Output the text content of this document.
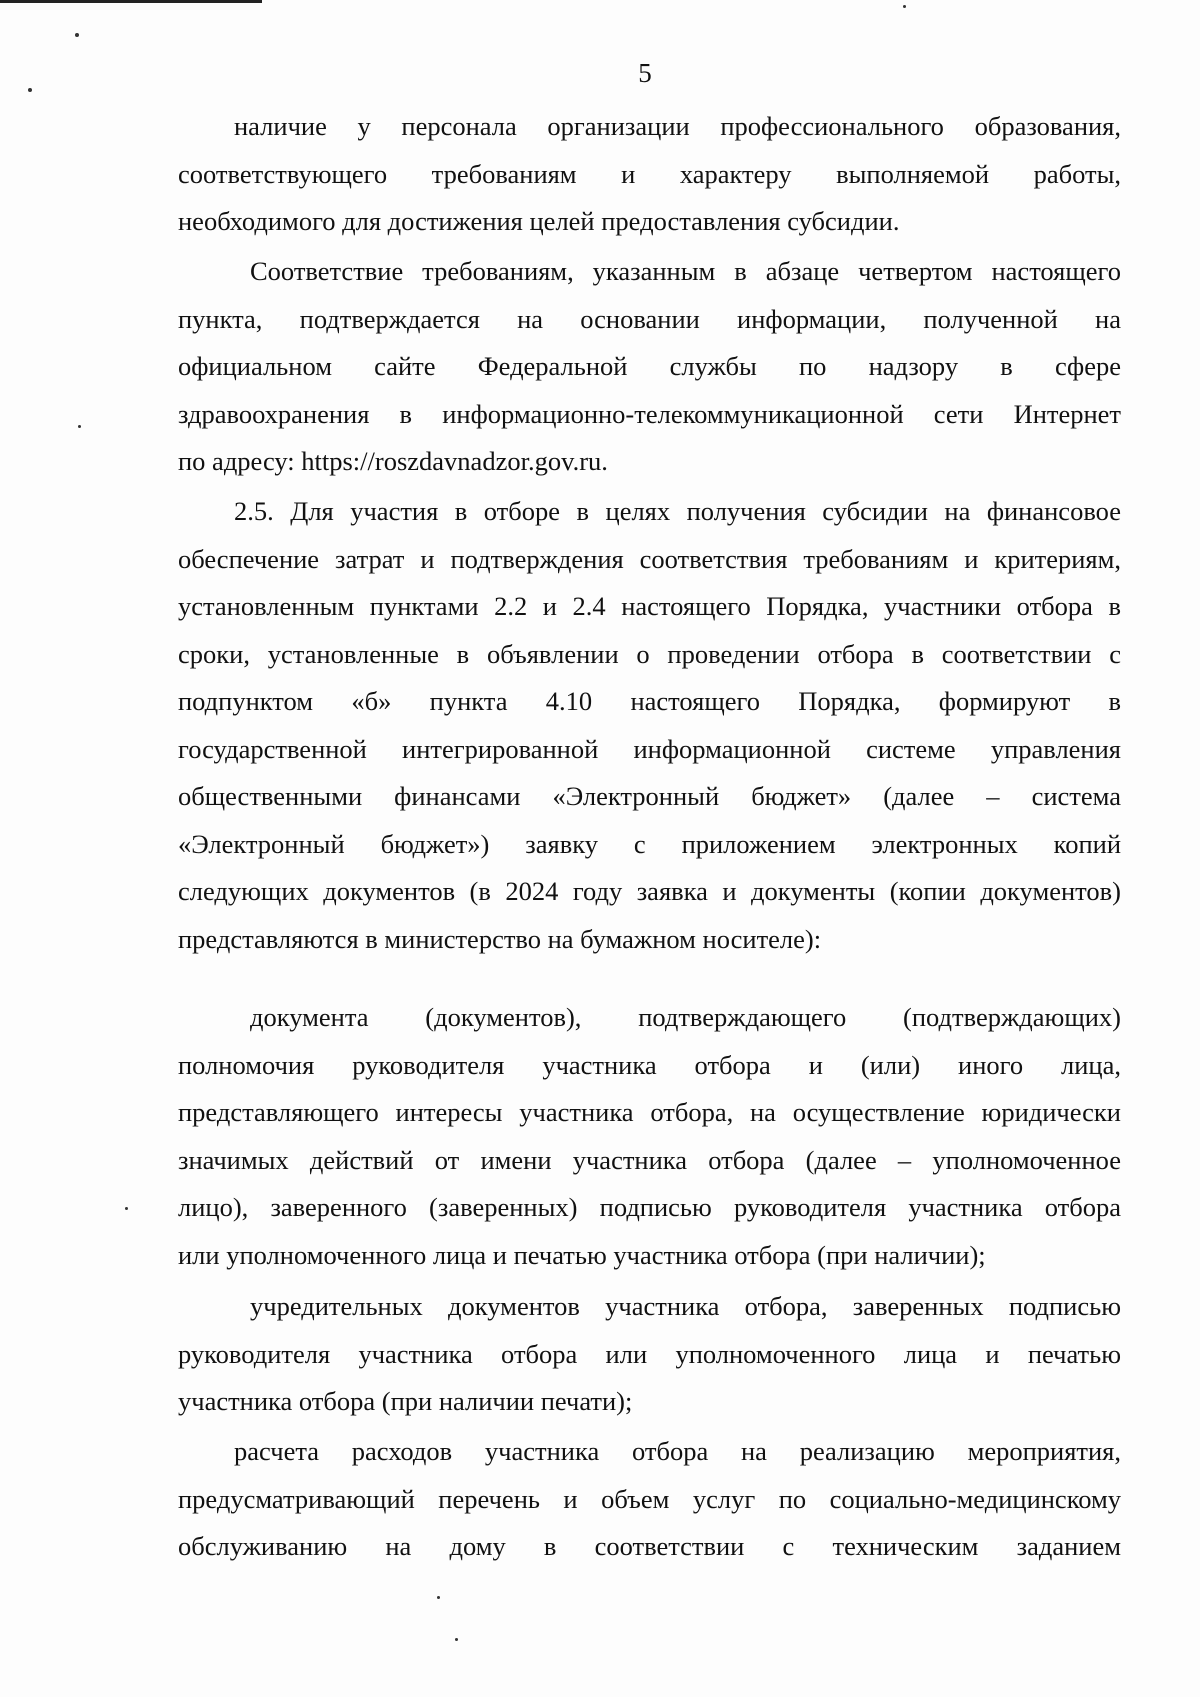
5
наличие у персонала организации профессионального образования,
соответствующего требованиям и характеру выполняемой работы,
необходимого для достижения целей предоставления субсидии.
Соответствие требованиям, указанным в абзаце четвертом настоящего
пункта, подтверждается на основании информации, полученной на
официальном сайте Федеральной службы по надзору в сфере
здравоохранения в информационно-телекоммуникационной сети Интернет
по адресу: https://roszdavnadzor.gov.ru.
2.5. Для участия в отборе в целях получения субсидии на финансовое
обеспечение затрат и подтверждения соответствия требованиям и критериям,
установленным пунктами 2.2 и 2.4 настоящего Порядка, участники отбора в
сроки, установленные в объявлении о проведении отбора в соответствии с
подпунктом «б» пункта 4.10 настоящего Порядка, формируют в
государственной интегрированной информационной системе управления
общественными финансами «Электронный бюджет» (далее – система
«Электронный бюджет») заявку с приложением электронных копий
следующих документов (в 2024 году заявка и документы (копии документов)
представляются в министерство на бумажном носителе):
документа (документов), подтверждающего (подтверждающих)
полномочия руководителя участника отбора и (или) иного лица,
представляющего интересы участника отбора, на осуществление юридически
значимых действий от имени участника отбора (далее – уполномоченное
лицо), заверенного (заверенных) подписью руководителя участника отбора
или уполномоченного лица и печатью участника отбора (при наличии);
учредительных документов участника отбора, заверенных подписью
руководителя участника отбора или уполномоченного лица и печатью
участника отбора (при наличии печати);
расчета расходов участника отбора на реализацию мероприятия,
предусматривающий перечень и объем услуг по социально-медицинскому
обслуживанию на дому в соответствии с техническим заданием
